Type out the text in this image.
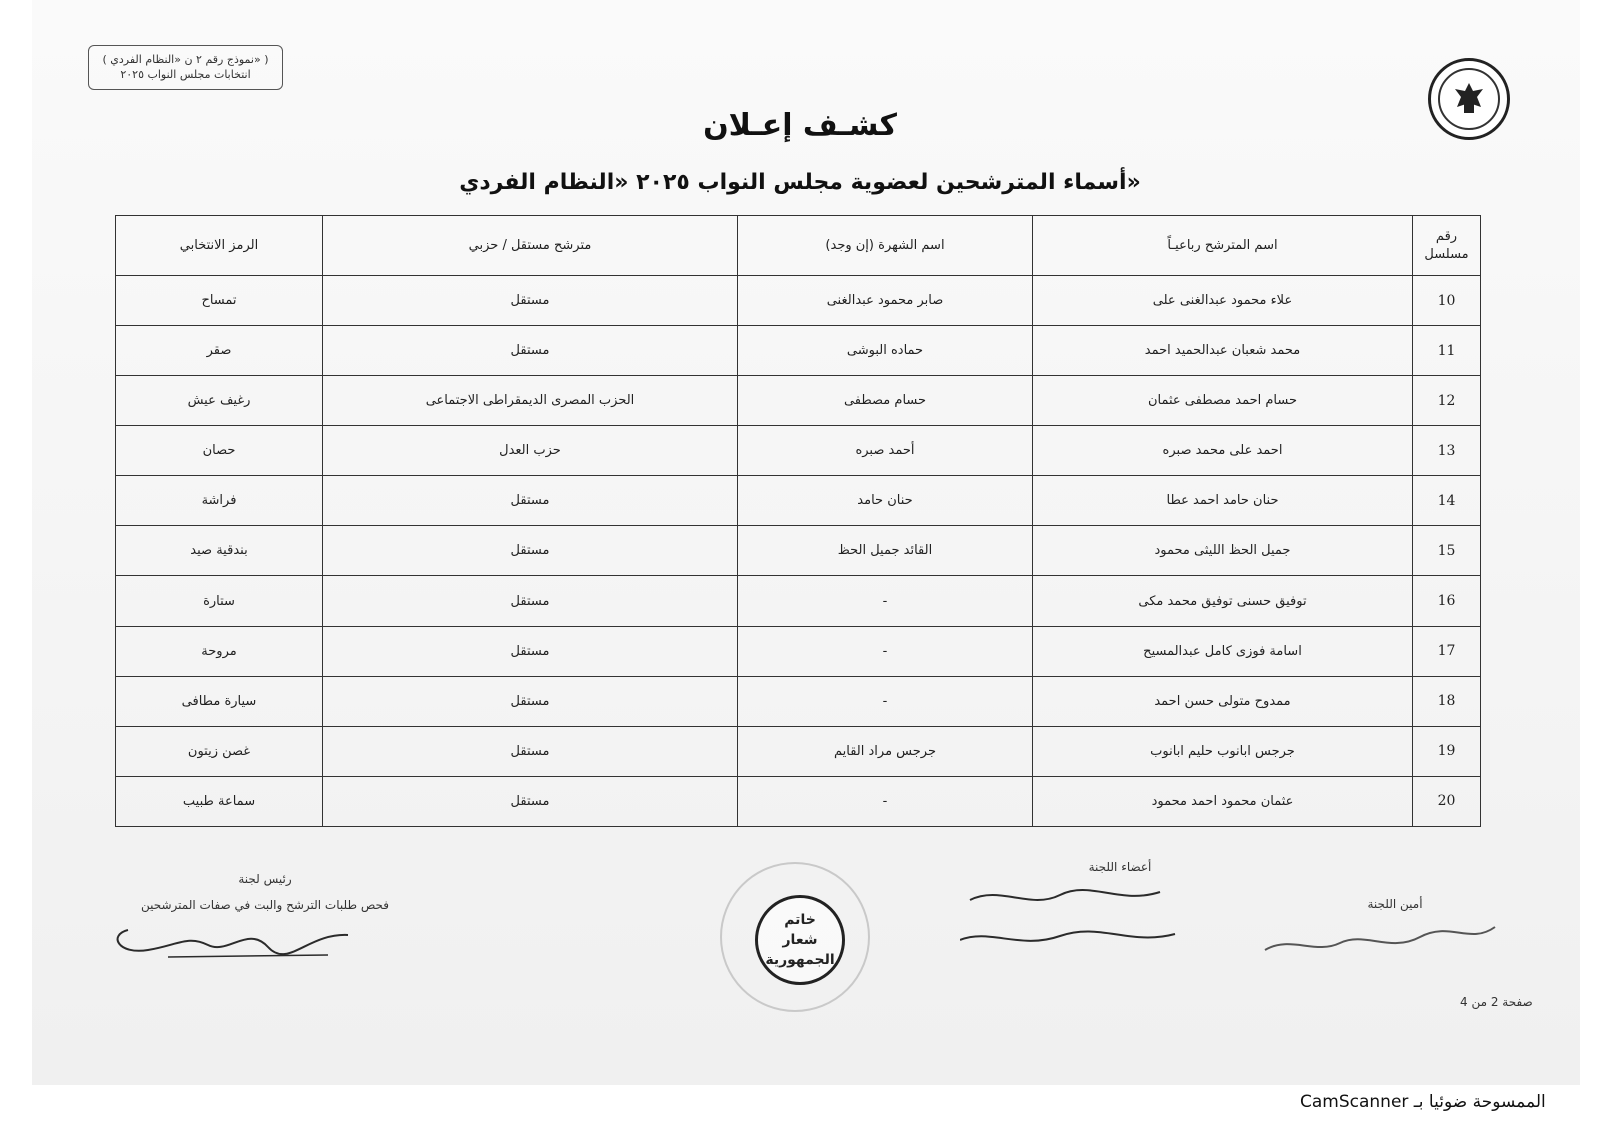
( نموذج رقم ٢ ن «النظام الفردي» )
انتخابات مجلس النواب ٢٠٢٥
كشـف إعـلان
أسماء المترشحين لعضوية مجلس النواب ٢٠٢٥ «النظام الفردي»
رقم مسلسل	اسم المترشح رباعيـاً	اسم الشهرة (إن وجد)	مترشح مستقل / حزبي	الرمز الانتخابي
10	علاء محمود عبدالغنى على	صابر محمود عبدالغنى	مستقل	تمساح
11	محمد شعبان عبدالحميد احمد	حماده البوشى	مستقل	صقر
12	حسام احمد مصطفى عثمان	حسام مصطفى	الحزب المصرى الديمقراطى الاجتماعى	رغيف عيش
13	احمد على محمد صبره	أحمد صبره	حزب العدل	حصان
14	حنان حامد احمد عطا	حنان حامد	مستقل	فراشة
15	جميل الحظ الليثى محمود	القائد جميل الحظ	مستقل	بندقية صيد
16	توفيق حسنى توفيق محمد مكى	-	مستقل	ستارة
17	اسامة فوزى كامل عبدالمسيح	-	مستقل	مروحة
18	ممدوح متولى حسن احمد	-	مستقل	سيارة مطافى
19	جرجس ابانوب حليم ابانوب	جرجس مراد القايم	مستقل	غصن زيتون
20	عثمان محمود احمد محمود	-	مستقل	سماعة طبيب
رئيس لجنة
فحص طلبات الترشح والبت في صفات المترشحين
خاتم شعار الجمهورية
أعضاء اللجنة
أمين اللجنة
صفحة 2 من 4
الممسوحة ضوئيا بـ CamScanner
